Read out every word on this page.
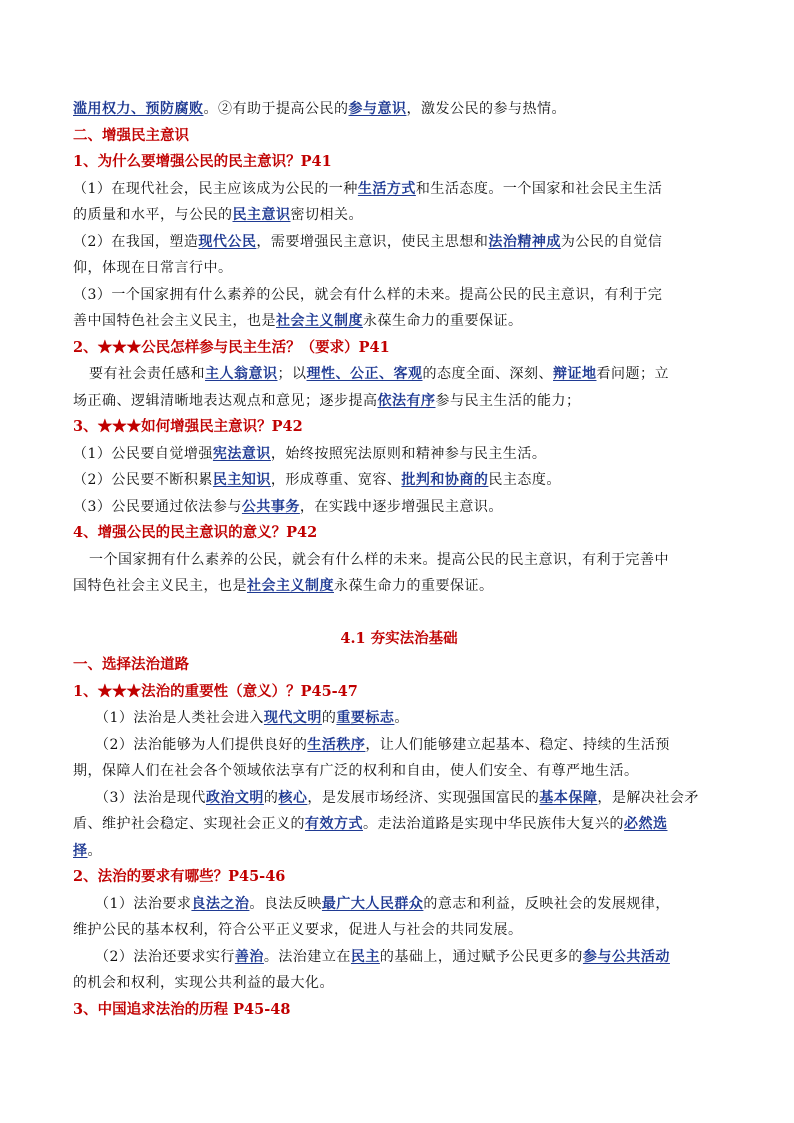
滥用权力、预防腐败。②有助于提高公民的参与意识，激发公民的参与热情。
二、增强民主意识
1、为什么要增强公民的民主意识？P41
（1）在现代社会，民主应该成为公民的一种生活方式和生活态度。一个国家和社会民主生活
的质量和水平，与公民的民主意识密切相关。
（2）在我国，塑造现代公民，需要增强民主意识，使民主思想和法治精神成为公民的自觉信
仰，体现在日常言行中。
（3）一个国家拥有什么素养的公民，就会有什么样的未来。提高公民的民主意识，有利于完
善中国特色社会主义民主，也是社会主义制度永葆生命力的重要保证。
2、★★★公民怎样参与民主生活？（要求）P41
要有社会责任感和主人翁意识；以理性、公正、客观的态度全面、深刻、辩证地看问题；立
场正确、逻辑清晰地表达观点和意见；逐步提高依法有序参与民主生活的能力；
3、★★★如何增强民主意识？P42
（1）公民要自觉增强宪法意识，始终按照宪法原则和精神参与民主生活。
（2）公民要不断积累民主知识，形成尊重、宽容、批判和协商的民主态度。
（3）公民要通过依法参与公共事务，在实践中逐步增强民主意识。
4、增强公民的民主意识的意义？P42
一个国家拥有什么素养的公民，就会有什么样的未来。提高公民的民主意识，有利于完善中
国特色社会主义民主，也是社会主义制度永葆生命力的重要保证。
4.1 夯实法治基础
一、选择法治道路
1、★★★法治的重要性（意义）？P45-47
（1）法治是人类社会进入现代文明的重要标志。
（2）法治能够为人们提供良好的生活秩序，让人们能够建立起基本、稳定、持续的生活预
期，保障人们在社会各个领域依法享有广泛的权利和自由，使人们安全、有尊严地生活。
（3）法治是现代政治文明的核心，是发展市场经济、实现强国富民的基本保障，是解决社会矛
盾、维护社会稳定、实现社会正义的有效方式。走法治道路是实现中华民族伟大复兴的必然选
择。
2、法治的要求有哪些？P45-46
（1）法治要求良法之治。良法反映最广大人民群众的意志和利益，反映社会的发展规律，
维护公民的基本权利，符合公平正义要求，促进人与社会的共同发展。
（2）法治还要求实行善治。法治建立在民主的基础上，通过赋予公民更多的参与公共活动
的机会和权利，实现公共利益的最大化。
3、中国追求法治的历程 P45-48
